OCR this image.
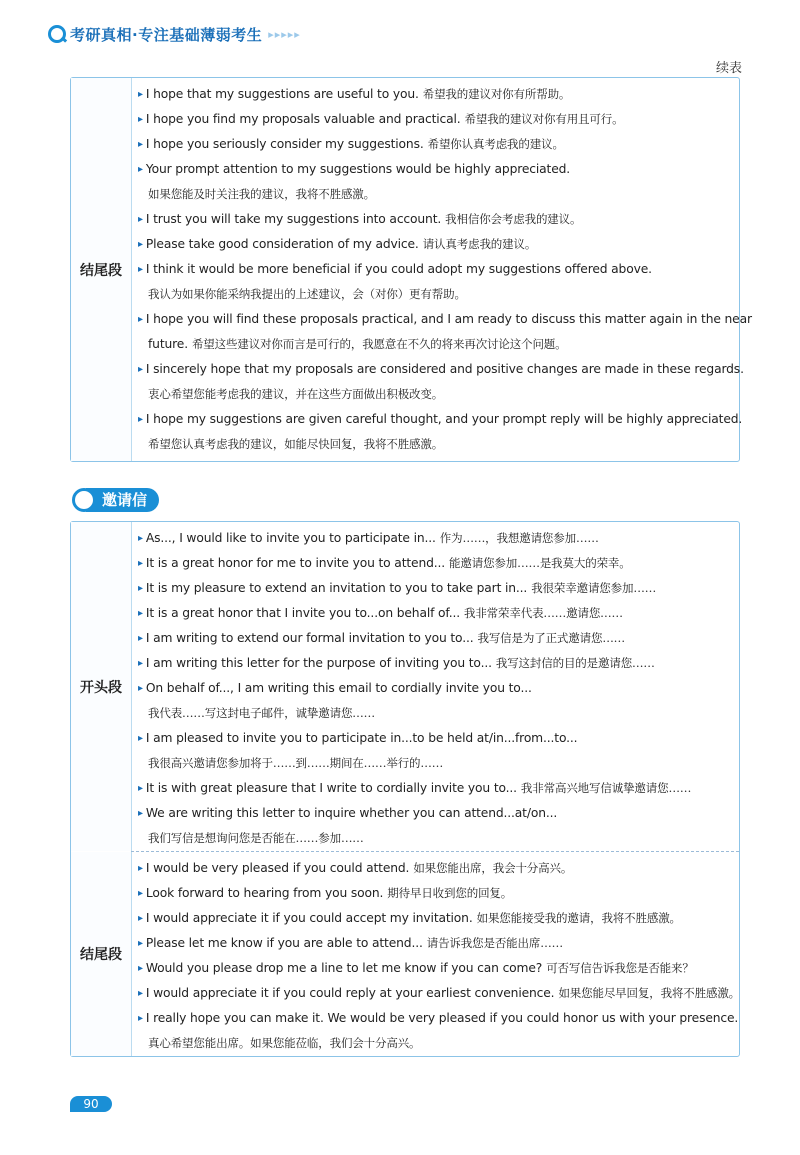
考研真相·专注基础薄弱考生 ▸▸▸▸▸
续表
结尾段
▸ I hope that my suggestions are useful to you. 希望我的建议对你有所帮助。
▸ I hope you find my proposals valuable and practical. 希望我的建议对你有用且可行。
▸ I hope you seriously consider my suggestions. 希望你认真考虑我的建议。
▸ Your prompt attention to my suggestions would be highly appreciated.
如果您能及时关注我的建议，我将不胜感激。
▸ I trust you will take my suggestions into account. 我相信你会考虑我的建议。
▸ Please take good consideration of my advice. 请认真考虑我的建议。
▸ I think it would be more beneficial if you could adopt my suggestions offered above.
我认为如果你能采纳我提出的上述建议，会（对你）更有帮助。
▸ I hope you will find these proposals practical, and I am ready to discuss this matter again in the near
future. 希望这些建议对你而言是可行的，我愿意在不久的将来再次讨论这个问题。
▸ I sincerely hope that my proposals are considered and positive changes are made in these regards.
衷心希望您能考虑我的建议，并在这些方面做出积极改变。
▸ I hope my suggestions are given careful thought, and your prompt reply will be highly appreciated.
希望您认真考虑我的建议，如能尽快回复，我将不胜感激。
邀请信
开头段
▸ As..., I would like to invite you to participate in... 作为……，我想邀请您参加……
▸ It is a great honor for me to invite you to attend... 能邀请您参加……是我莫大的荣幸。
▸ It is my pleasure to extend an invitation to you to take part in... 我很荣幸邀请您参加……
▸ It is a great honor that I invite you to...on behalf of... 我非常荣幸代表……邀请您……
▸ I am writing to extend our formal invitation to you to... 我写信是为了正式邀请您……
▸ I am writing this letter for the purpose of inviting you to... 我写这封信的目的是邀请您……
▸ On behalf of..., I am writing this email to cordially invite you to...
我代表……写这封电子邮件，诚挚邀请您……
▸ I am pleased to invite you to participate in...to be held at/in...from...to...
我很高兴邀请您参加将于……到……期间在……举行的……
▸ It is with great pleasure that I write to cordially invite you to... 我非常高兴地写信诚挚邀请您……
▸ We are writing this letter to inquire whether you can attend...at/on...
我们写信是想询问您是否能在……参加……
结尾段
▸ I would be very pleased if you could attend. 如果您能出席，我会十分高兴。
▸ Look forward to hearing from you soon. 期待早日收到您的回复。
▸ I would appreciate it if you could accept my invitation. 如果您能接受我的邀请，我将不胜感激。
▸ Please let me know if you are able to attend... 请告诉我您是否能出席……
▸ Would you please drop me a line to let me know if you can come? 可否写信告诉我您是否能来？
▸ I would appreciate it if you could reply at your earliest convenience. 如果您能尽早回复，我将不胜感激。
▸ I really hope you can make it. We would be very pleased if you could honor us with your presence.
真心希望您能出席。如果您能莅临，我们会十分高兴。
90
